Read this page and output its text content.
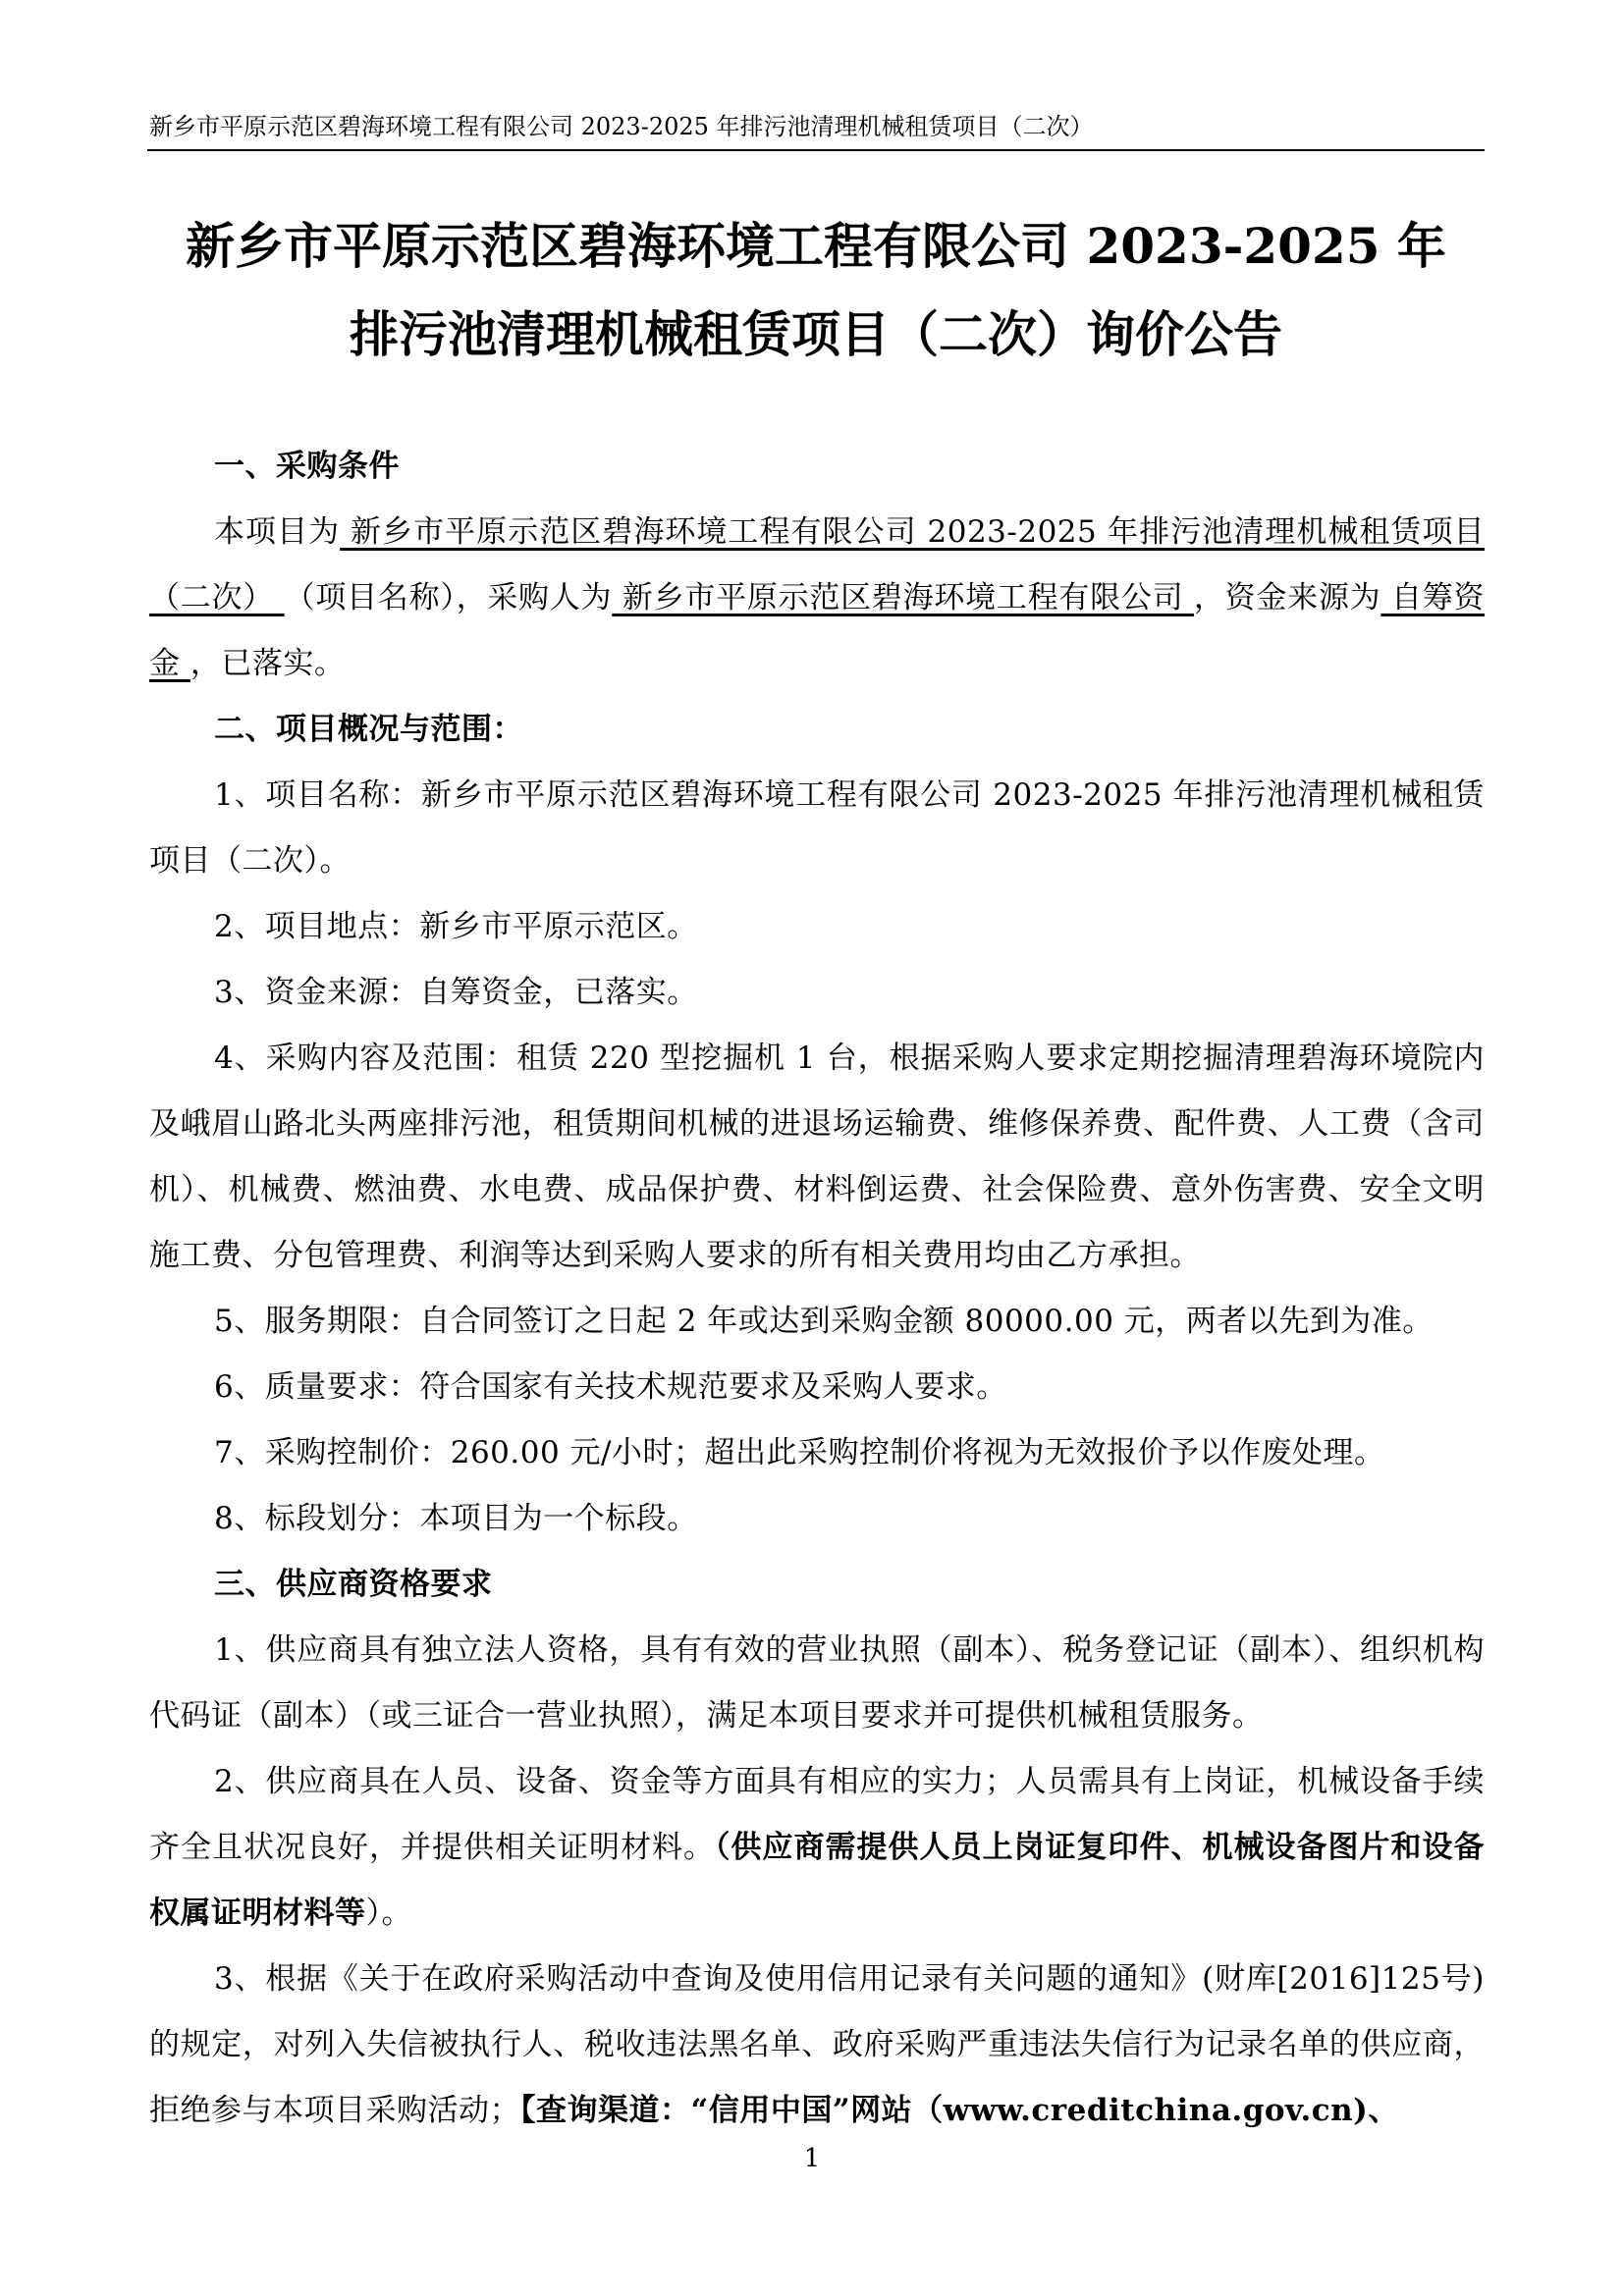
新乡市平原示范区碧海环境工程有限公司 2023-2025 年排污池清理机械租赁项目（二次）
新乡市平原示范区碧海环境工程有限公司 2023-2025 年
排污池清理机械租赁项目（二次）询价公告

一、采购条件

本项目为 新乡市平原示范区碧海环境工程有限公司 2023-2025 年排污池清理机械租赁项目（二次） （项目名称），采购人为 新乡市平原示范区碧海环境工程有限公司 ，资金来源为 自筹资金 ，已落实。

二、项目概况与范围：

1、项目名称：新乡市平原示范区碧海环境工程有限公司 2023-2025 年排污池清理机械租赁项目（二次）。

2、项目地点：新乡市平原示范区。

3、资金来源：自筹资金，已落实。

4、采购内容及范围：租赁 220 型挖掘机 1 台，根据采购人要求定期挖掘清理碧海环境院内及峨眉山路北头两座排污池，租赁期间机械的进退场运输费、维修保养费、配件费、人工费（含司机）、机械费、燃油费、水电费、成品保护费、材料倒运费、社会保险费、意外伤害费、安全文明施工费、分包管理费、利润等达到采购人要求的所有相关费用均由乙方承担。

5、服务期限：自合同签订之日起 2 年或达到采购金额 80000.00 元，两者以先到为准。

6、质量要求：符合国家有关技术规范要求及采购人要求。

7、采购控制价：260.00 元/小时；超出此采购控制价将视为无效报价予以作废处理。

8、标段划分：本项目为一个标段。

三、供应商资格要求

1、供应商具有独立法人资格，具有有效的营业执照（副本）、税务登记证（副本）、组织机构代码证（副本）（或三证合一营业执照），满足本项目要求并可提供机械租赁服务。

2、供应商具在人员、设备、资金等方面具有相应的实力；人员需具有上岗证，机械设备手续齐全且状况良好，并提供相关证明材料。（供应商需提供人员上岗证复印件、机械设备图片和设备权属证明材料等）。

3、根据《关于在政府采购活动中查询及使用信用记录有关问题的通知》(财库[2016]125号)的规定，对列入失信被执行人、税收违法黑名单、政府采购严重违法失信行为记录名单的供应商，拒绝参与本项目采购活动；【查询渠道：“信用中国”网站（www.creditchina.gov.cn)、

1
